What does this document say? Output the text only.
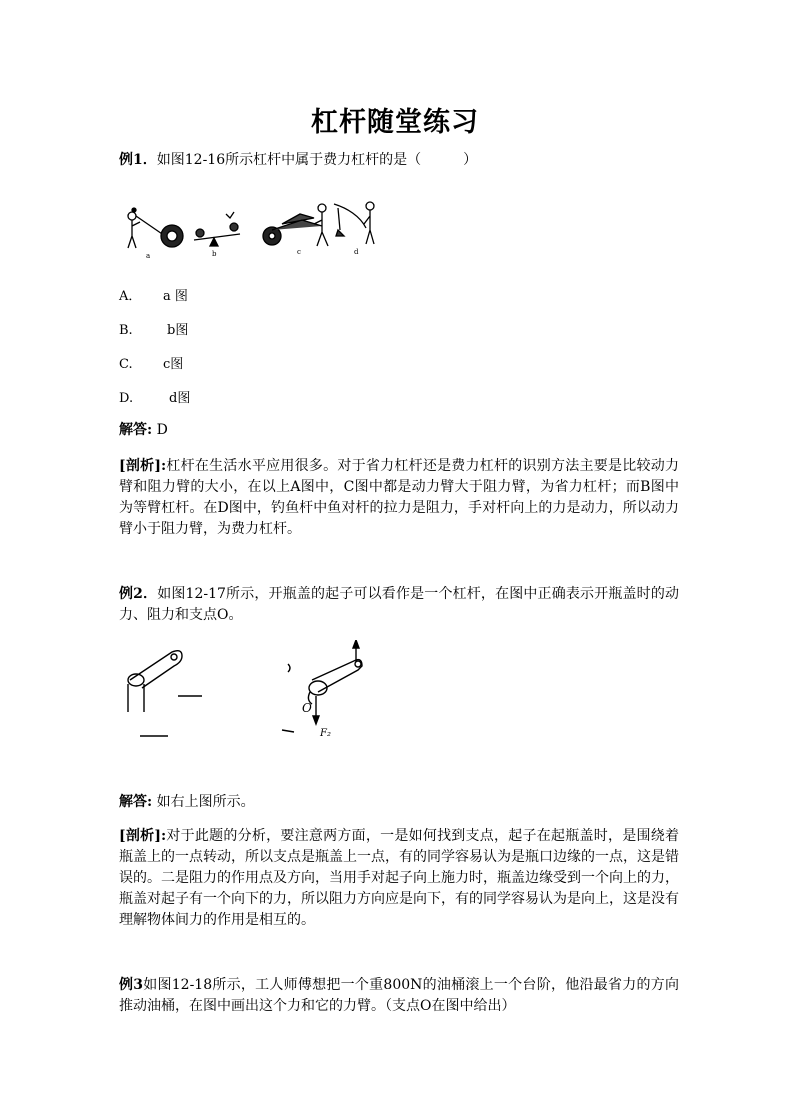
杠杆随堂练习
例1．如图12-16所示杠杆中属于费力杠杆的是（　　　）
a	b	c	d
A． a 图
B.	b图
C. c图
D.	d图
解答: D
[剖析]:杠杆在生活水平应用很多。对于省力杠杆还是费力杠杆的识别方法主要是比较动力臂和阻力臂的大小，在以上A图中，C图中都是动力臂大于阻力臂，为省力杠杆；而B图中为等臂杠杆。在D图中，钓鱼杆中鱼对杆的拉力是阻力，手对杆向上的力是动力，所以动力臂小于阻力臂，为费力杠杆。
例2．如图12-17所示，开瓶盖的起子可以看作是一个杠杆，在图中正确表示开瓶盖时的动力、阻力和支点O。
O
F₂
解答: 如右上图所示。
[剖析]:对于此题的分析，要注意两方面，一是如何找到支点，起子在起瓶盖时，是围绕着瓶盖上的一点转动，所以支点是瓶盖上一点，有的同学容易认为是瓶口边缘的一点，这是错误的。二是阻力的作用点及方向，当用手对起子向上施力时，瓶盖边缘受到一个向上的力，瓶盖对起子有一个向下的力，所以阻力方向应是向下，有的同学容易认为是向上，这是没有理解物体间力的作用是相互的。
例3如图12-18所示，工人师傅想把一个重800N的油桶滚上一个台阶，他沿最省力的方向推动油桶，在图中画出这个力和它的力臂。（支点O在图中给出）
